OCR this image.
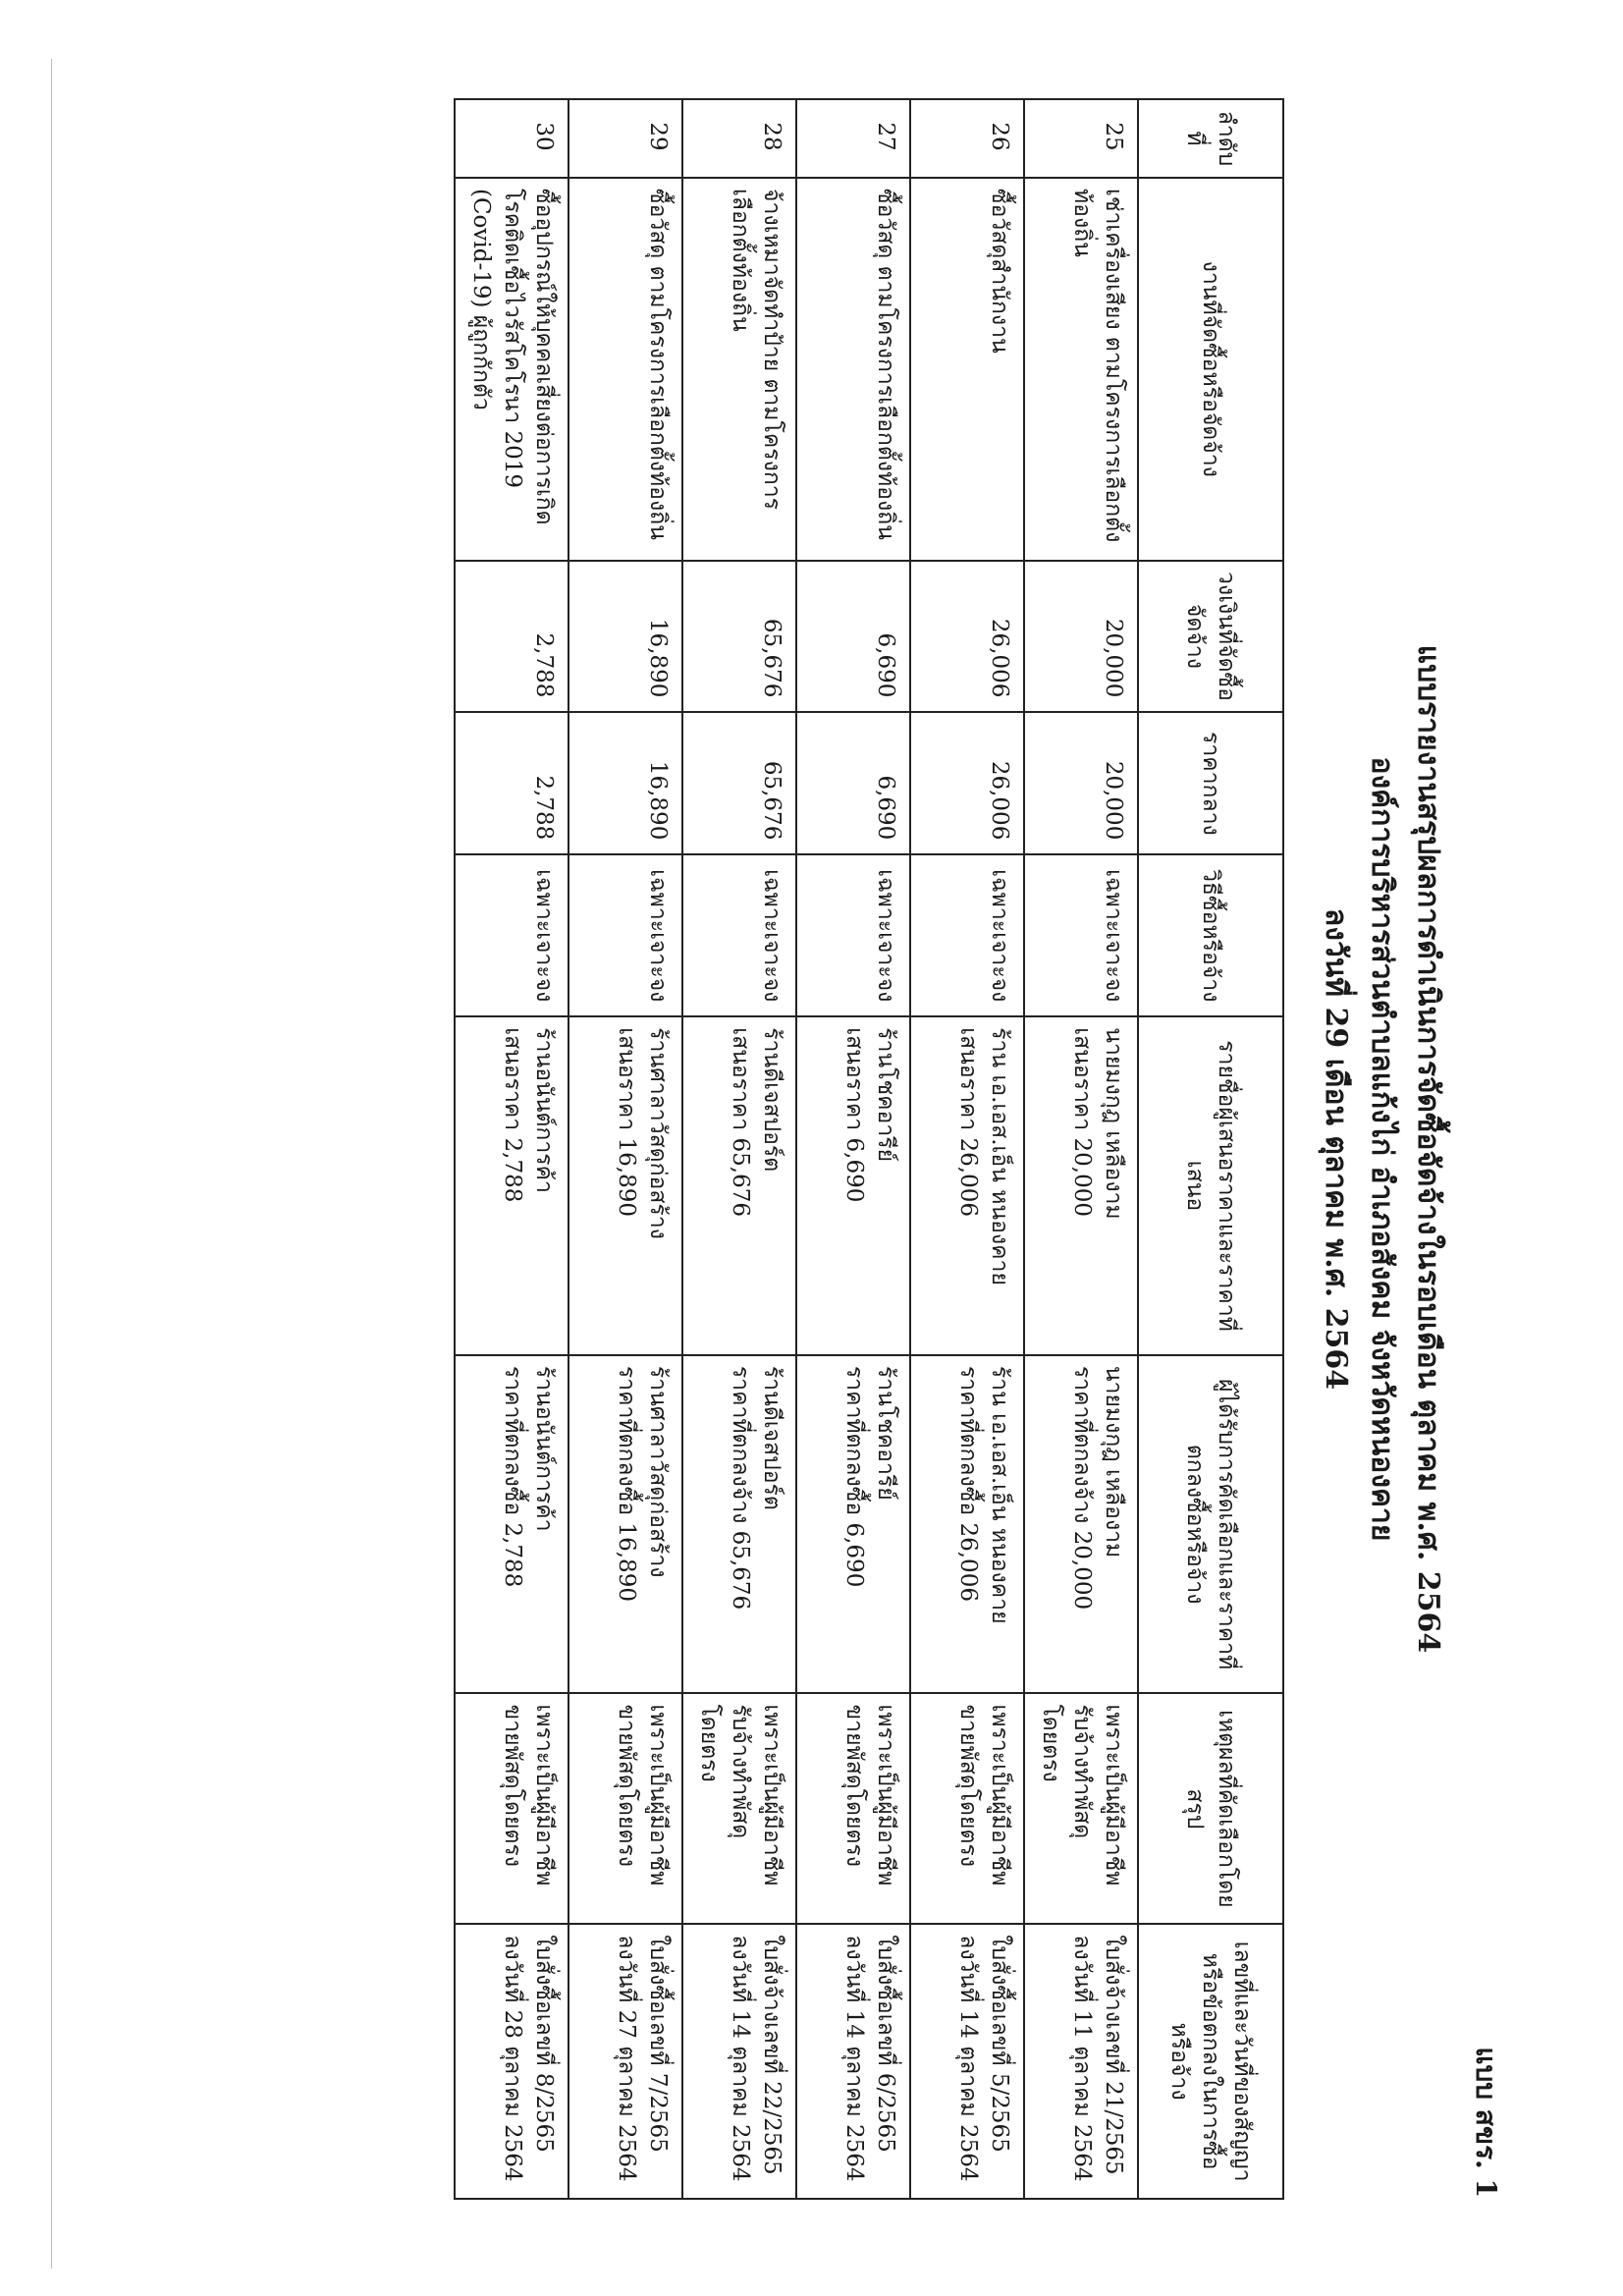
แบบ สขร. 1
แบบรายงานสรุปผลการดำเนินการจัดซื้อจัดจ้างในรอบเดือน ตุลาคม พ.ศ. 2564
องค์การบริหารส่วนตำบลแก้งไก่ อำเภอสังคม จังหวัดหนองคาย
ลงวันที่ 29 เดือน ตุลาคม พ.ศ. 2564
ลำดับที่	งานที่จัดซื้อหรือจัดจ้าง	วงเงินที่จัดซื้อจัดจ้าง	ราคากลาง	วิธีซื้อหรือจ้าง	รายชื่อผู้เสนอราคาและราคาที่เสนอ	ผู้ได้รับการคัดเลือกและราคาที่ตกลงซื้อหรือจ้าง	เหตุผลที่คัดเลือกโดยสรุป	เลขที่และวันที่ของสัญญาหรือข้อตกลงในการซื้อหรือจ้าง
25	เช่าเครื่องเสียง ตามโครงการเลือกตั้ง
ท้องถิ่น	20,000	20,000	เฉพาะเจาะจง	นายมงกุฎ เหลืองาม
เสนอราคา 20,000	นายมงกุฎ เหลืองาม
ราคาที่ตกลงจ้าง 20,000	เพราะเป็นผู้มีอาชีพ
รับจ้างทำพัสดุโดยตรง	ใบสั่งจ้างเลขที่ 21/2565
ลงวันที่ 11 ตุลาคม 2564

26	ซื้อวัสดุสำนักงาน	26,006	26,006	เฉพาะเจาะจง	ร้าน เอ.เอส.เอ็น หนองคาย
เสนอราคา 26,006	ร้าน เอ.เอส.เอ็น หนองคาย
ราคาที่ตกลงซื้อ 26,006	เพราะเป็นผู้มีอาชีพ
ขายพัสดุโดยตรง	ใบสั่งซื้อเลขที่ 5/2565
ลงวันที่ 14 ตุลาคม 2564

27	ซื้อวัสดุ ตามโครงการเลือกตั้งท้องถิ่น	6,690	6,690	เฉพาะเจาะจง	ร้านโชคอารีย์
เสนอราคา 6,690	ร้านโชคอารีย์
ราคาที่ตกลงซื้อ 6,690	เพราะเป็นผู้มีอาชีพ
ขายพัสดุโดยตรง	ใบสั่งซื้อเลขที่ 6/2565
ลงวันที่ 14 ตุลาคม 2564

28	จ้างเหมาจัดทำป้าย ตามโครงการ
เลือกตั้งท้องถิ่น	65,676	65,676	เฉพาะเจาะจง	ร้านดีเจสปอร์ต
เสนอราคา 65,676	ร้านดีเจสปอร์ต
ราคาที่ตกลงจ้าง 65,676	เพราะเป็นผู้มีอาชีพ
รับจ้างทำพัสดุโดยตรง	ใบสั่งจ้างเลขที่ 22/2565
ลงวันที่ 14 ตุลาคม 2564

29	ซื้อวัสดุ ตามโครงการเลือกตั้งท้องถิ่น	16,890	16,890	เฉพาะเจาะจง	ร้านศาลาวัสดุก่อสร้าง
เสนอราคา 16,890	ร้านศาลาวัสดุก่อสร้าง
ราคาที่ตกลงซื้อ 16,890	เพราะเป็นผู้มีอาชีพ
ขายพัสดุโดยตรง	ใบสั่งซื้อเลขที่ 7/2565
ลงวันที่ 27 ตุลาคม 2564

30	ซื้ออุปกรณ์ให้บุคคลเสี่ยงต่อการเกิด
โรคติดเชื้อไวรัสโคโรนา 2019
(Covid-19) ผู้ถูกกักตัว	2,788	2,788	เฉพาะเจาะจง	ร้านอนันต์การค้า
เสนอราคา 2,788	ร้านอนันต์การค้า
ราคาที่ตกลงซื้อ 2,788	เพราะเป็นผู้มีอาชีพ
ขายพัสดุโดยตรง	ใบสั่งซื้อเลขที่ 8/2565
ลงวันที่ 28 ตุลาคม 2564
